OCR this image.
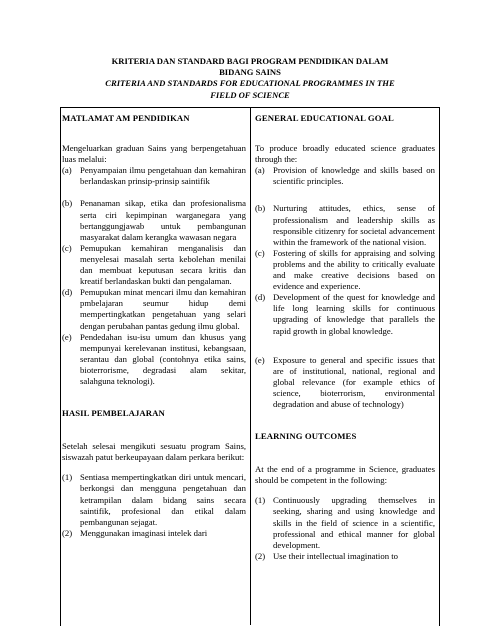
KRITERIA DAN STANDARD BAGI PROGRAM PENDIDIKAN DALAM
BIDANG SAINS
CRITERIA AND STANDARDS FOR EDUCATIONAL PROGRAMMES IN THE
FIELD OF SCIENCE
MATLAMAT AM PENDIDIKAN

Mengeluarkan graduan Sains yang berpengetahuan luas melalui:

(a) Penyampaian ilmu pengetahuan dan kemahiran berlandaskan prinsip-prinsip saintifik
(b) Penanaman sikap, etika dan profesionalisma serta ciri kepimpinan warganegara yang bertanggungjawab untuk pembangunan masyarakat dalam kerangka wawasan negara
(c) Pemupukan kemahiran menganalisis dan menyelesai masalah serta kebolehan menilai dan membuat keputusan secara kritis dan kreatif berlandaskan bukti dan pengalaman.
(d) Pemupukan minat mencari ilmu dan kemahiran pmbelajaran seumur hidup demi mempertingkatkan pengetahuan yang selari dengan perubahan pantas gedung ilmu global.
(e) Pendedahan isu-isu umum dan khusus yang mempunyai kerelevanan institusi, kebangsaan, serantau dan global (contohnya etika sains, bioterrorisme, degradasi alam sekitar, salahguna teknologi).
HASIL PEMBELAJARAN

Setelah selesai mengikuti sesuatu program Sains, siswazah patut berkeupayaan dalam perkara berikut:

(1) Sentiasa mempertingkatkan diri untuk mencari, berkongsi dan mengguna pengetahuan dan ketrampilan dalam bidang sains secara saintifik, profesional dan etikal dalam pembangunan sejagat.
(2) Menggunakan imaginasi intelek dari
GENERAL EDUCATIONAL GOAL

To produce broadly educated science graduates through the:

(a) Provision of knowledge and skills based on scientific principles.
(b) Nurturing attitudes, ethics, sense of professionalism and leadership skills as responsible citizenry for societal advancement within the framework of the national vision.
(c) Fostering of skills for appraising and solving problems and the ability to critically evaluate and make creative decisions based on evidence and experience.
(d) Development of the quest for knowledge and life long learning skills for continuous upgrading of knowledge that parallels the rapid growth in global knowledge.
(e) Exposure to general and specific issues that are of institutional, national, regional and global relevance (for example ethics of science, bioterrorism, environmental degradation and abuse of technology)
LEARNING OUTCOMES

At the end of a programme in Science, graduates should be competent in the following:

(1) Continuously upgrading themselves in seeking, sharing and using knowledge and skills in the field of science in a scientific, professional and ethical manner for global development.
(2) Use their intellectual imagination to
